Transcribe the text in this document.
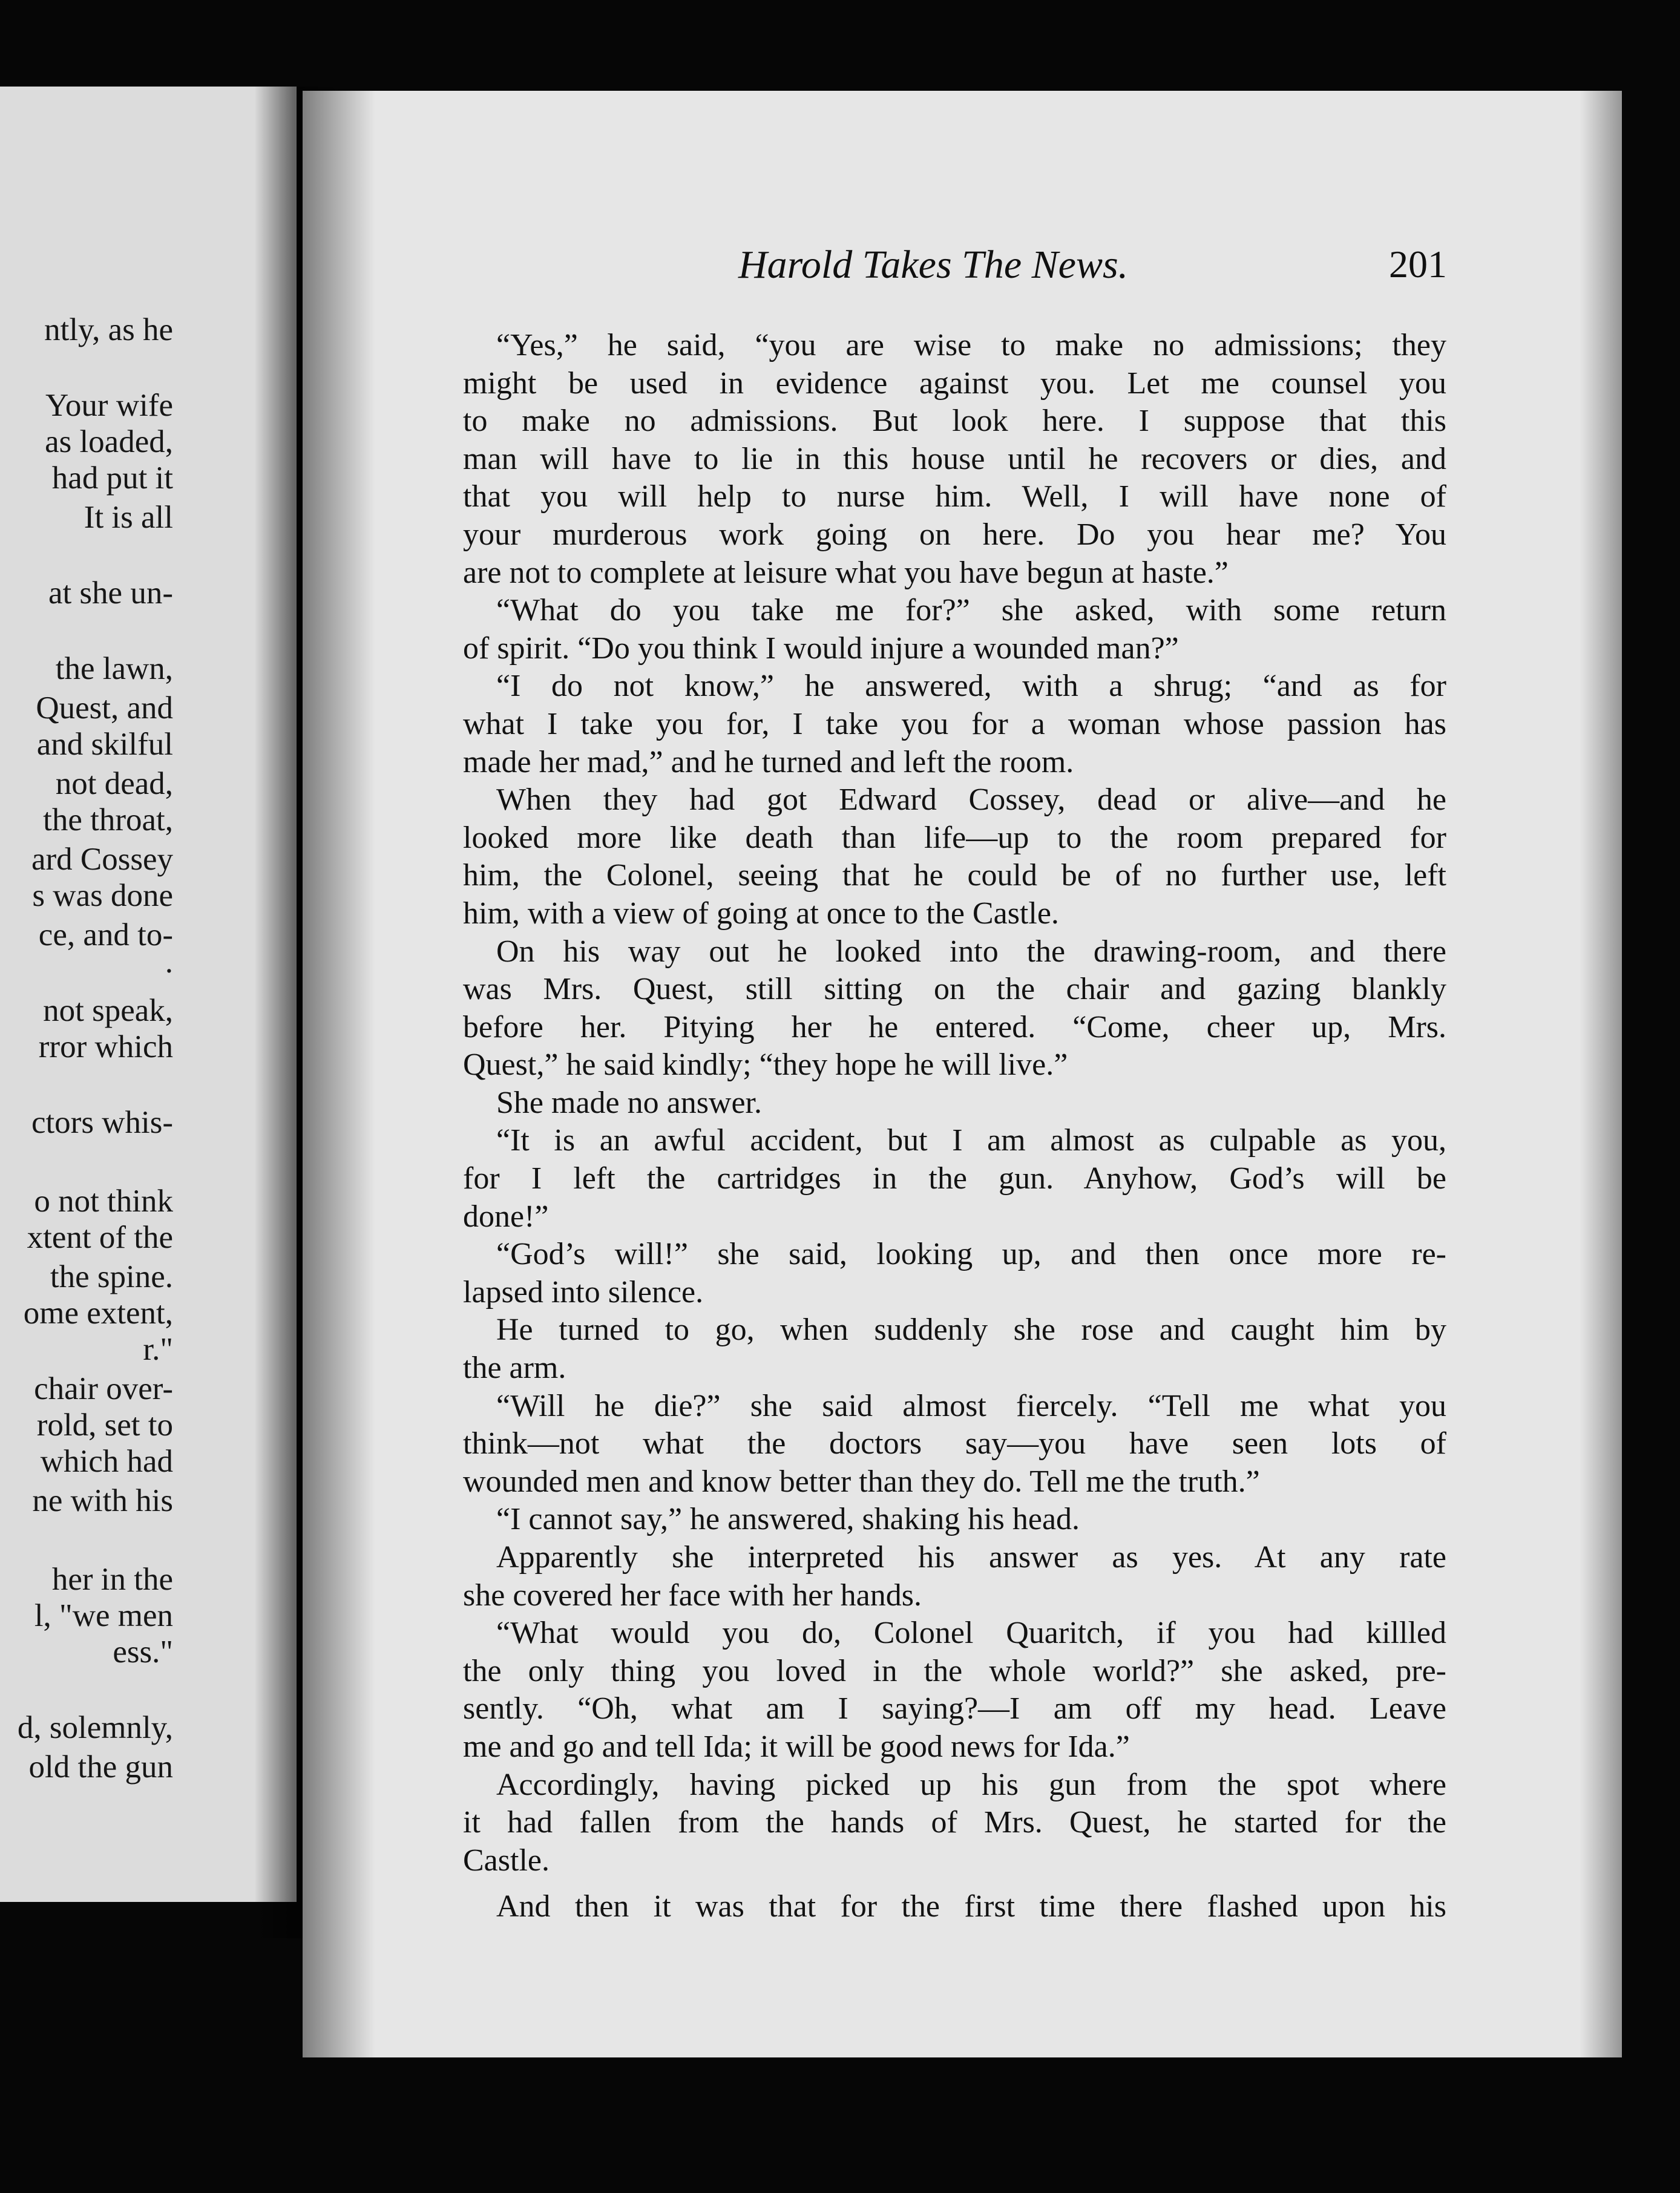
ntly, as he
Your wife
as loaded,
had put it
It is all
at she un-
the lawn,
Quest, and
and skilful
not dead,
the throat,
ard Cossey
s was done
ce, and to-
.
not speak,
rror which
ctors whis-
o not think
xtent of the
the spine.
ome extent,
r."
chair over-
rold, set to
which had
ne with his
her in the
l, "we men
ess."
d, solemnly,
old the gun
Harold Takes The News.	201
“Yes,” he said, “you are wise to make no admissions; they
might be used in evidence against you. Let me counsel you
to make no admissions. But look here. I suppose that this
man will have to lie in this house until he recovers or dies, and
that you will help to nurse him. Well, I will have none of
your murderous work going on here. Do you hear me? You
are not to complete at leisure what you have begun at haste.”
“What do you take me for?” she asked, with some return
of spirit. “Do you think I would injure a wounded man?”
“I do not know,” he answered, with a shrug; “and as for
what I take you for, I take you for a woman whose passion has
made her mad,” and he turned and left the room.
When they had got Edward Cossey, dead or alive—and he
looked more like death than life—up to the room prepared for
him, the Colonel, seeing that he could be of no further use, left
him, with a view of going at once to the Castle.
On his way out he looked into the drawing-room, and there
was Mrs. Quest, still sitting on the chair and gazing blankly
before her. Pitying her he entered. “Come, cheer up, Mrs.
Quest,” he said kindly; “they hope he will live.”
She made no answer.
“It is an awful accident, but I am almost as culpable as you,
for I left the cartridges in the gun. Anyhow, God’s will be
done!”
“God’s will!” she said, looking up, and then once more re-
lapsed into silence.
He turned to go, when suddenly she rose and caught him by
the arm.
“Will he die?” she said almost fiercely. “Tell me what you
think—not what the doctors say—you have seen lots of
wounded men and know better than they do. Tell me the truth.”
“I cannot say,” he answered, shaking his head.
Apparently she interpreted his answer as yes. At any rate
she covered her face with her hands.
“What would you do, Colonel Quaritch, if you had killled
the only thing you loved in the whole world?” she asked, pre-
sently. “Oh, what am I saying?—I am off my head. Leave
me and go and tell Ida; it will be good news for Ida.”
Accordingly, having picked up his gun from the spot where
it had fallen from the hands of Mrs. Quest, he started for the
Castle.
And then it was that for the first time there flashed upon his
